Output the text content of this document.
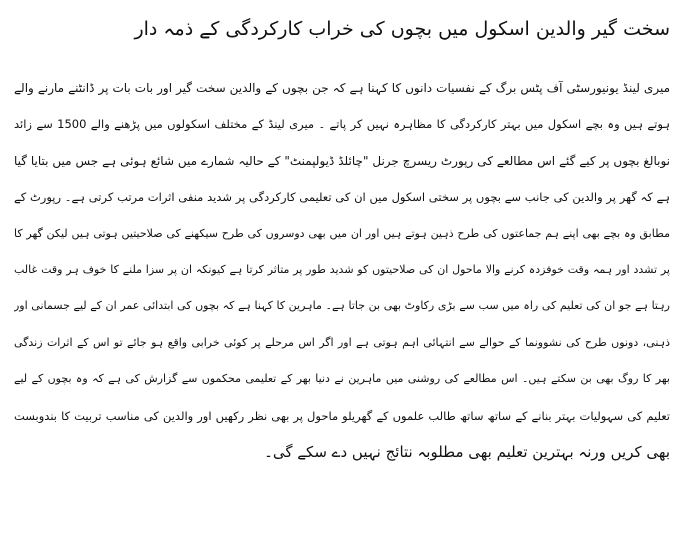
سخت گیر والدین اسکول میں بچوں کی خراب کارکردگی کے ذمہ دار
میری لینڈ یونیورسٹی آف پٹس برگ کے نفسیات دانوں کا کہنا ہے کہ جن بچوں کے والدین سخت گیر اور بات بات پر ڈانٹنے مارنے والے
ہوتے ہیں وہ بچے اسکول میں بہتر کارکردگی کا مظاہرہ نہیں کر پاتے ۔ میری لینڈ کے مختلف اسکولوں میں پڑھنے والے 1500 سے زائد
نوبالغ بچوں پر کیے گئے اس مطالعے کی رپورٹ ریسرچ جرنل "چائلڈ ڈیولپمنٹ" کے حالیہ شمارے میں شائع ہوئی ہے جس میں بتایا گیا
ہے کہ گھر پر والدین کی جانب سے بچوں پر سختی اسکول میں ان کی تعلیمی کارکردگی پر شدید منفی اثرات مرتب کرتی ہے۔ رپورٹ کے
مطابق وہ بچے بھی اپنے ہم جماعتوں کی طرح ذہین ہوتے ہیں اور ان میں بھی دوسروں کی طرح سیکھنے کی صلاحیتیں ہوتی ہیں لیکن گھر کا
پر تشدد اور ہمہ وقت خوفزدہ کرنے والا ماحول ان کی صلاحیتوں کو شدید طور پر متاثر کرتا ہے کیونکہ ان پر سزا ملنے کا خوف ہر وقت غالب
رہتا ہے جو ان کی تعلیم کی راہ میں سب سے بڑی رکاوٹ بھی بن جاتا ہے۔ ماہرین کا کہنا ہے کہ بچوں کی ابتدائی عمر ان کے لیے جسمانی اور
ذہنی، دونوں طرح کی نشوونما کے حوالے سے انتہائی اہم ہوتی ہے اور اگر اس مرحلے پر کوئی خرابی واقع ہو جائے تو اس کے اثرات زندگی
بھر کا روگ بھی بن سکتے ہیں۔ اس مطالعے کی روشنی میں ماہرین نے دنیا بھر کے تعلیمی محکموں سے گزارش کی ہے کہ وہ بچوں کے لیے
تعلیم کی سہولیات بہتر بنانے کے ساتھ ساتھ طالب علموں کے گھریلو ماحول پر بھی نظر رکھیں اور والدین کی مناسب تربیت کا بندوبست
بھی کریں ورنہ بہترین تعلیم بھی مطلوبہ نتائج نہیں دے سکے گی۔
